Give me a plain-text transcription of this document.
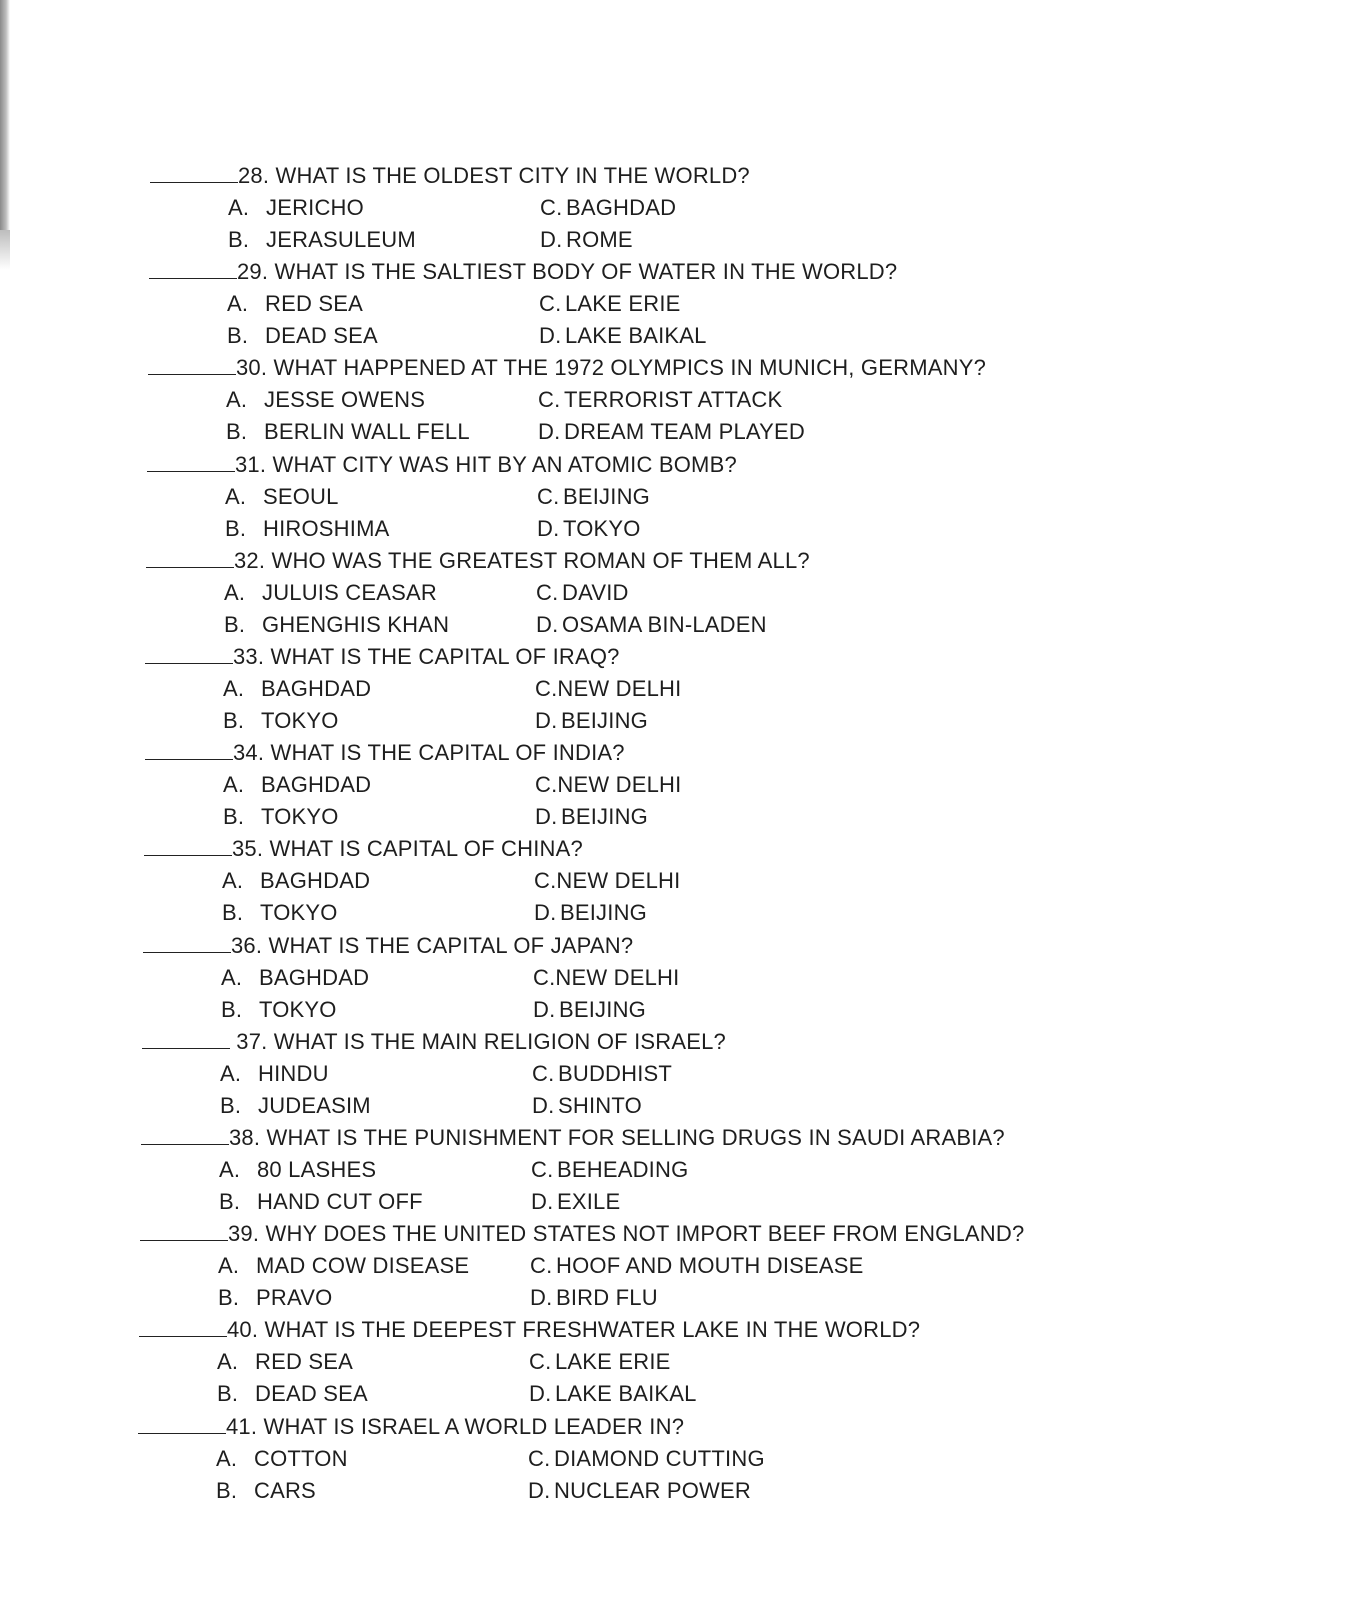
28. WHAT IS THE OLDEST CITY IN THE WORLD?
A. JERICHO
B. JERASULEUM
C. BAGHDAD
D. ROME
29. WHAT IS THE SALTIEST BODY OF WATER IN THE WORLD?
A. RED SEA
B. DEAD SEA
C. LAKE ERIE
D. LAKE BAIKAL
30. WHAT HAPPENED AT THE 1972 OLYMPICS IN MUNICH, GERMANY?
A. JESSE OWENS
B. BERLIN WALL FELL
C. TERRORIST ATTACK
D. DREAM TEAM PLAYED
31. WHAT CITY WAS HIT BY AN ATOMIC BOMB?
A. SEOUL
B. HIROSHIMA
C. BEIJING
D. TOKYO
32. WHO WAS THE GREATEST ROMAN OF THEM ALL?
A. JULUIS CEASAR
B. GHENGHIS KHAN
C. DAVID
D. OSAMA BIN-LADEN
33. WHAT IS THE CAPITAL OF IRAQ?
A. BAGHDAD
B. TOKYO
C.NEW DELHI
D. BEIJING
34. WHAT IS THE CAPITAL OF INDIA?
A. BAGHDAD
B. TOKYO
C.NEW DELHI
D. BEIJING
35. WHAT IS CAPITAL OF CHINA?
A. BAGHDAD
B. TOKYO
C.NEW DELHI
D. BEIJING
36. WHAT IS THE CAPITAL OF JAPAN?
A. BAGHDAD
B. TOKYO
C.NEW DELHI
D. BEIJING
37. WHAT IS THE MAIN RELIGION OF ISRAEL?
A. HINDU
B. JUDEASIM
C. BUDDHIST
D. SHINTO
38. WHAT IS THE PUNISHMENT FOR SELLING DRUGS IN SAUDI ARABIA?
A. 80 LASHES
B. HAND CUT OFF
C. BEHEADING
D. EXILE
39. WHY DOES THE UNITED STATES NOT IMPORT BEEF FROM ENGLAND?
A. MAD COW DISEASE
B. PRAVO
C. HOOF AND MOUTH DISEASE
D. BIRD FLU
40. WHAT IS THE DEEPEST FRESHWATER LAKE IN THE WORLD?
A. RED SEA
B. DEAD SEA
C. LAKE ERIE
D. LAKE BAIKAL
41. WHAT IS ISRAEL A WORLD LEADER IN?
A. COTTON
B. CARS
C. DIAMOND CUTTING
D. NUCLEAR POWER
